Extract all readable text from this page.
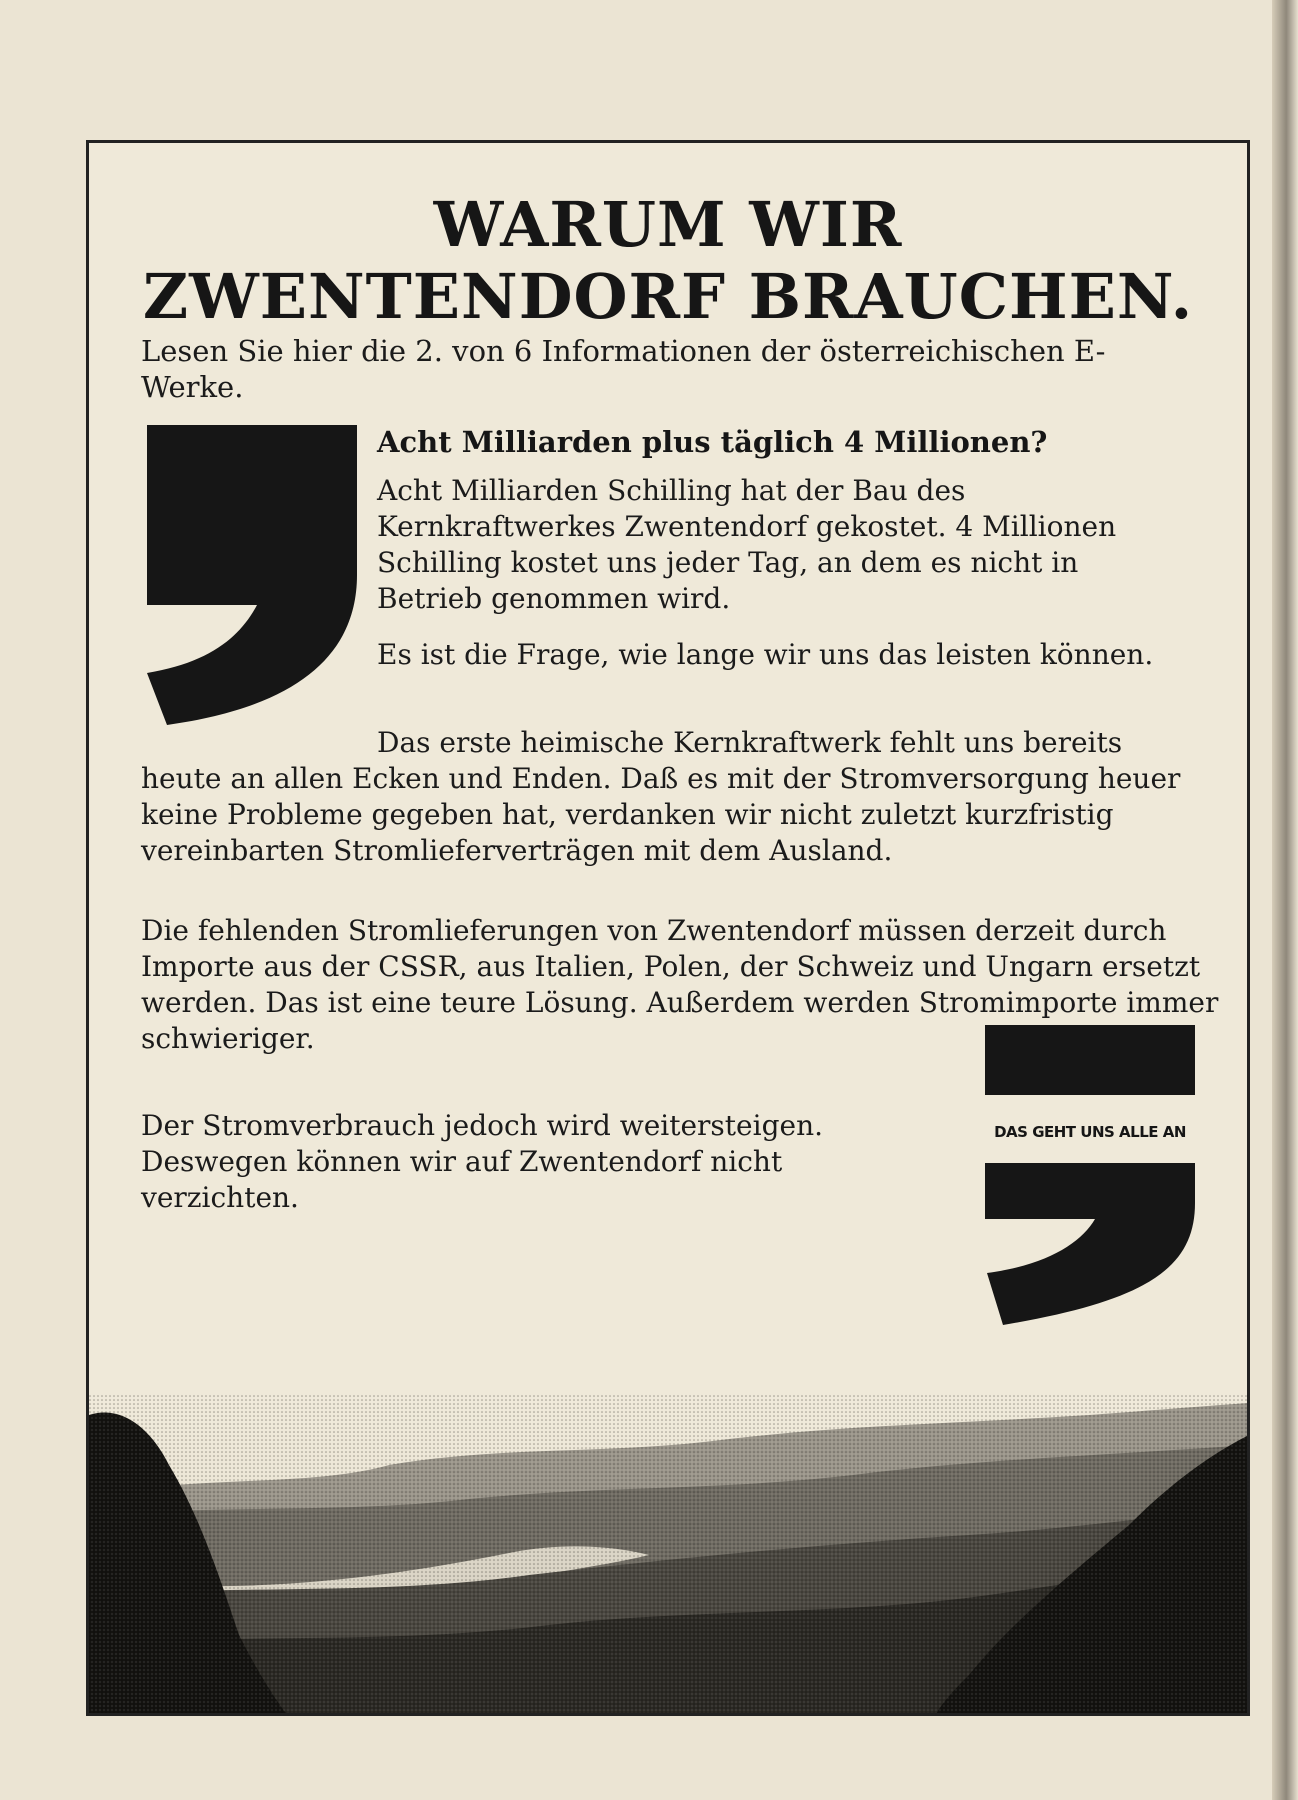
WARUM WIR
ZWENTENDORF BRAUCHEN.

Lesen Sie hier die 2. von 6 Informationen der österreichischen E-Werke.

Acht Milliarden plus täglich 4 Millionen?

Acht Milliarden Schilling hat der Bau des Kernkraftwerkes Zwentendorf gekostet. 4 Millionen Schilling kostet uns jeder Tag, an dem es nicht in Betrieb genommen wird.

Es ist die Frage, wie lange wir uns das leisten können.

Das erste heimische Kernkraftwerk fehlt uns bereits heute an allen Ecken und Enden. Daß es mit der Stromversorgung heuer keine Probleme gegeben hat, verdanken wir nicht zuletzt kurzfristig vereinbarten Stromlieferverträgen mit dem Ausland.

Die fehlenden Stromlieferungen von Zwentendorf müssen derzeit durch Importe aus der CSSR, aus Italien, Polen, der Schweiz und Ungarn ersetzt werden. Das ist eine teure Lösung. Außerdem werden Stromimporte immer schwieriger.

Der Stromverbrauch jedoch wird weitersteigen. Deswegen können wir auf Zwentendorf nicht verzichten.

DAS GEHT UNS ALLE AN
